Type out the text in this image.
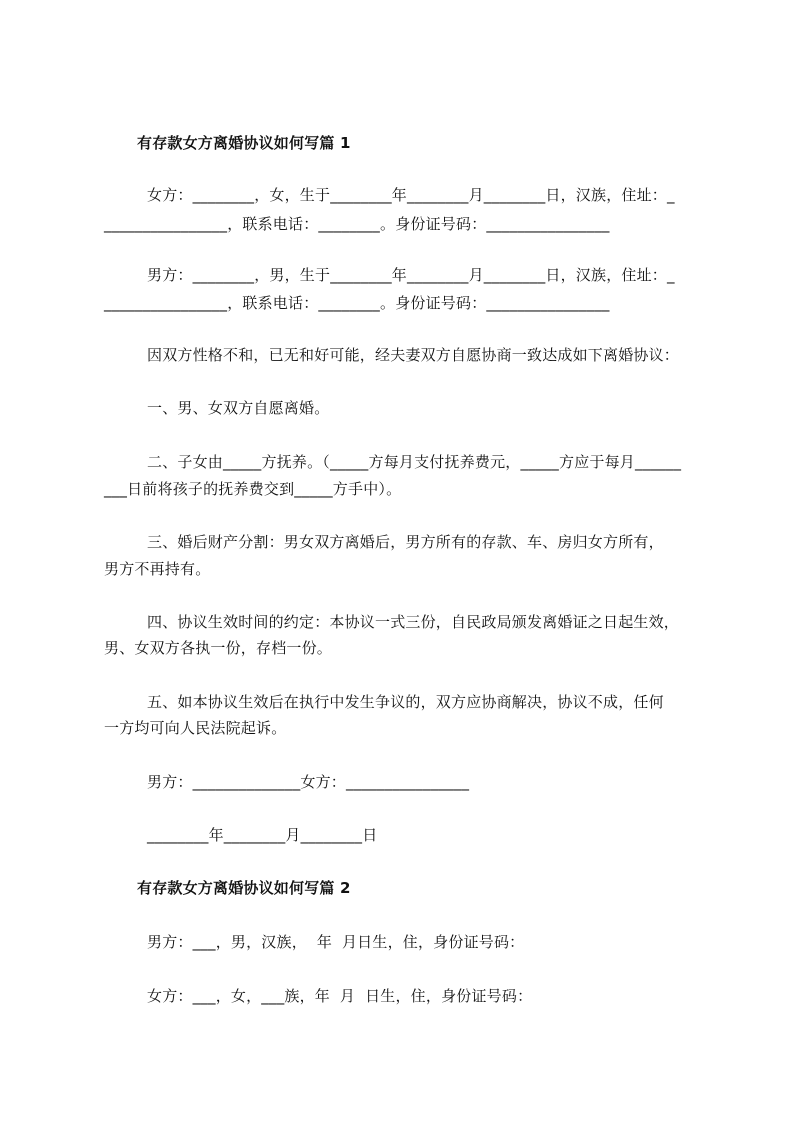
有存款女方离婚协议如何写篇 1
女方：________，女，生于________年________月________日，汉族，住址：_
________________，联系电话：________。身份证号码：________________
男方：________，男，生于________年________月________日，汉族，住址：_
________________，联系电话：________。身份证号码：________________
因双方性格不和，已无和好可能，经夫妻双方自愿协商一致达成如下离婚协议：
一、男、女双方自愿离婚。
二、子女由_____方抚养。（_____方每月支付抚养费元，_____方应于每月______
___日前将孩子的抚养费交到_____方手中）。
三、婚后财产分割：男女双方离婚后，男方所有的存款、车、房归女方所有，
男方不再持有。
四、协议生效时间的约定：本协议一式三份，自民政局颁发离婚证之日起生效，
男、女双方各执一份，存档一份。
五、如本协议生效后在执行中发生争议的，双方应协商解决，协议不成，任何
一方均可向人民法院起诉。
男方：______________女方：________________
________年________月________日
有存款女方离婚协议如何写篇 2
男方：___，男，汉族，  年  月日生，住，身份证号码：
女方：___，女，___族，年  月  日生，住，身份证号码：
